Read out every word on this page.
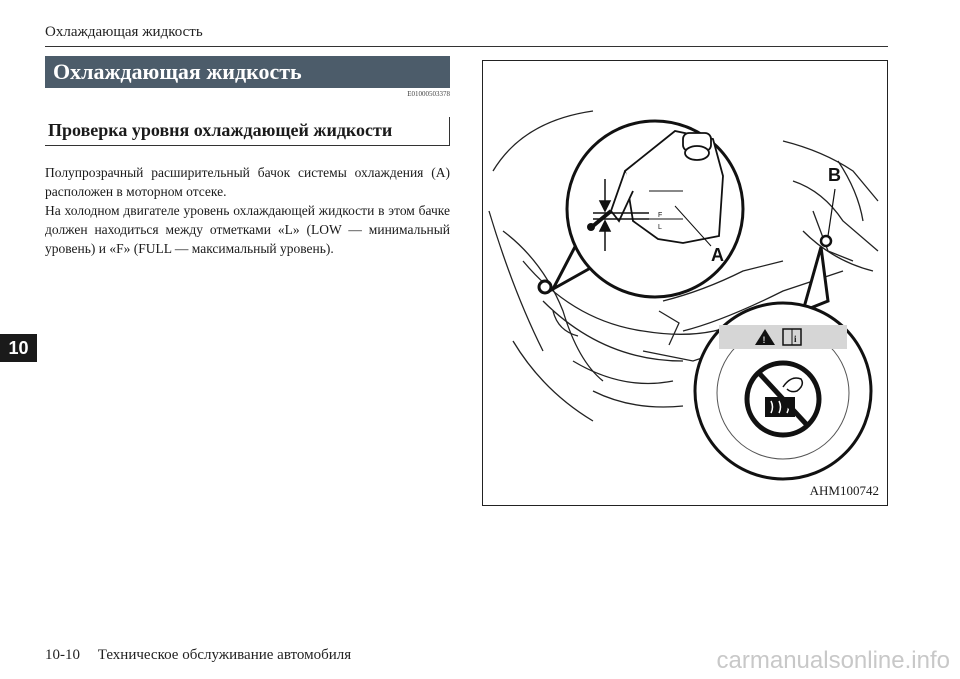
Охлаждающая жидкость
Охлаждающая жидкость
E01000503378
Проверка уровня охлаждающей жидкости

Полупрозрачный расширительный бачок системы охлаждения (A) расположен в моторном отсеке.

На холодном двигателе уровень охлаждающей жидкости в этом бачке должен находиться между отметками «L» (LOW — минимальный уровень) и «F» (FULL — максимальный уровень).

10
F
L
A
B
!	i
AHM100742
10-10 Техническое обслуживание автомобиля	carmanualsonline.info
